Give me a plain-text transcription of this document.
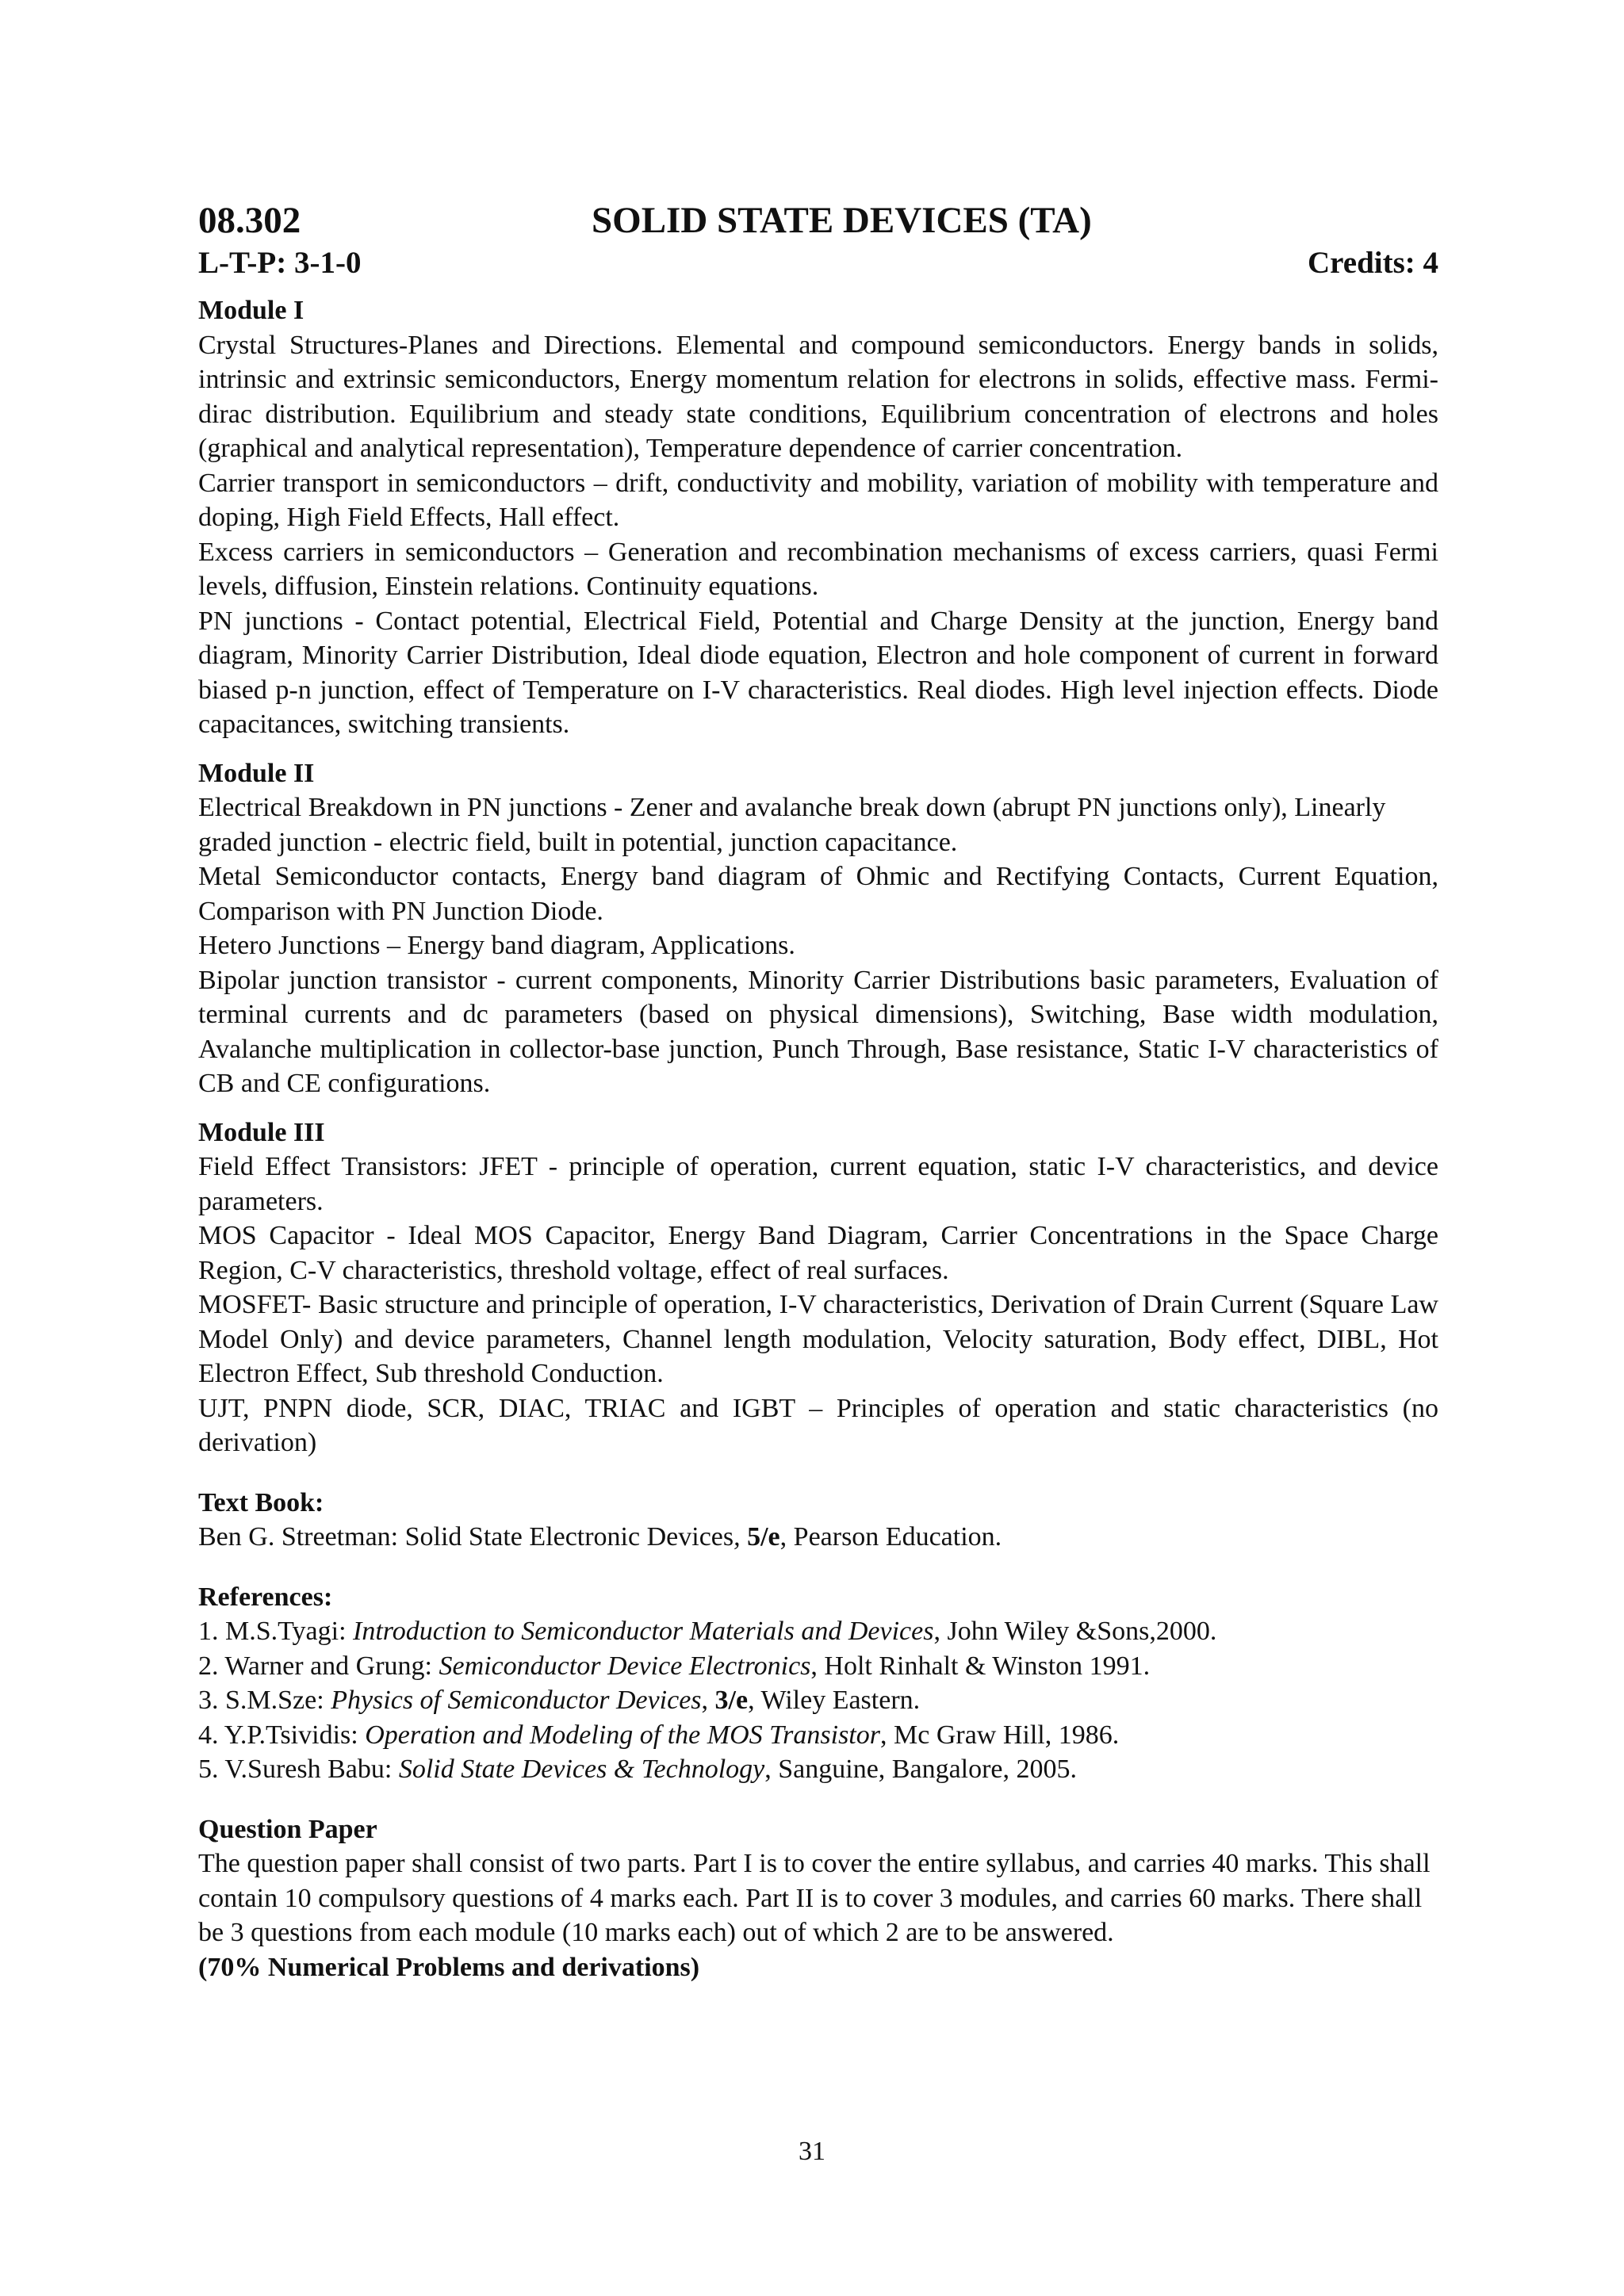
08.302	SOLID STATE DEVICES (TA)
L-T-P: 3-1-0	Credits: 4
Module I

Crystal Structures-Planes and Directions. Elemental and compound semiconductors. Energy bands in solids, intrinsic and extrinsic semiconductors, Energy momentum relation for electrons in solids, effective mass. Fermi-dirac distribution. Equilibrium and steady state conditions, Equilibrium concentration of electrons and holes (graphical and analytical representation), Temperature dependence of carrier concentration.

Carrier transport in semiconductors – drift, conductivity and mobility, variation of mobility with temperature and doping, High Field Effects, Hall effect.

Excess carriers in semiconductors – Generation and recombination mechanisms of excess carriers, quasi Fermi levels, diffusion, Einstein relations. Continuity equations.

PN junctions - Contact potential, Electrical Field, Potential and Charge Density at the junction, Energy band diagram, Minority Carrier Distribution, Ideal diode equation, Electron and hole component of current in forward biased p-n junction, effect of Temperature on I-V characteristics. Real diodes. High level injection effects. Diode capacitances, switching transients.

Module II

Electrical Breakdown in PN junctions - Zener and avalanche break down (abrupt PN junctions only), Linearly graded junction - electric field, built in potential, junction capacitance.

Metal Semiconductor contacts, Energy band diagram of Ohmic and Rectifying Contacts, Current Equation, Comparison with PN Junction Diode.

Hetero Junctions – Energy band diagram, Applications.

Bipolar junction transistor - current components, Minority Carrier Distributions basic parameters, Evaluation of terminal currents and dc parameters (based on physical dimensions), Switching, Base width modulation, Avalanche multiplication in collector-base junction, Punch Through, Base resistance, Static I-V characteristics of CB and CE configurations.

Module III

Field Effect Transistors: JFET - principle of operation, current equation, static I-V characteristics, and device parameters.

MOS Capacitor - Ideal MOS Capacitor, Energy Band Diagram, Carrier Concentrations in the Space Charge Region, C-V characteristics, threshold voltage, effect of real surfaces.

MOSFET- Basic structure and principle of operation, I-V characteristics, Derivation of Drain Current (Square Law Model Only) and device parameters, Channel length modulation, Velocity saturation, Body effect, DIBL, Hot Electron Effect, Sub threshold Conduction.

UJT, PNPN diode, SCR, DIAC, TRIAC and IGBT – Principles of operation and static characteristics (no derivation)

Text Book:

Ben G. Streetman: Solid State Electronic Devices, 5/e, Pearson Education.

References:
1. M.S.Tyagi: Introduction to Semiconductor Materials and Devices, John Wiley &Sons,2000.
2. Warner and Grung: Semiconductor Device Electronics, Holt Rinhalt & Winston 1991.
3. S.M.Sze: Physics of Semiconductor Devices, 3/e, Wiley Eastern.
4. Y.P.Tsividis: Operation and Modeling of the MOS Transistor, Mc Graw Hill, 1986.
5. V.Suresh Babu: Solid State Devices & Technology, Sanguine, Bangalore, 2005.
Question Paper

The question paper shall consist of two parts. Part I is to cover the entire syllabus, and carries 40 marks. This shall contain 10 compulsory questions of 4 marks each. Part II is to cover 3 modules, and carries 60 marks. There shall be 3 questions from each module (10 marks each) out of which 2 are to be answered.

(70% Numerical Problems and derivations)

31
